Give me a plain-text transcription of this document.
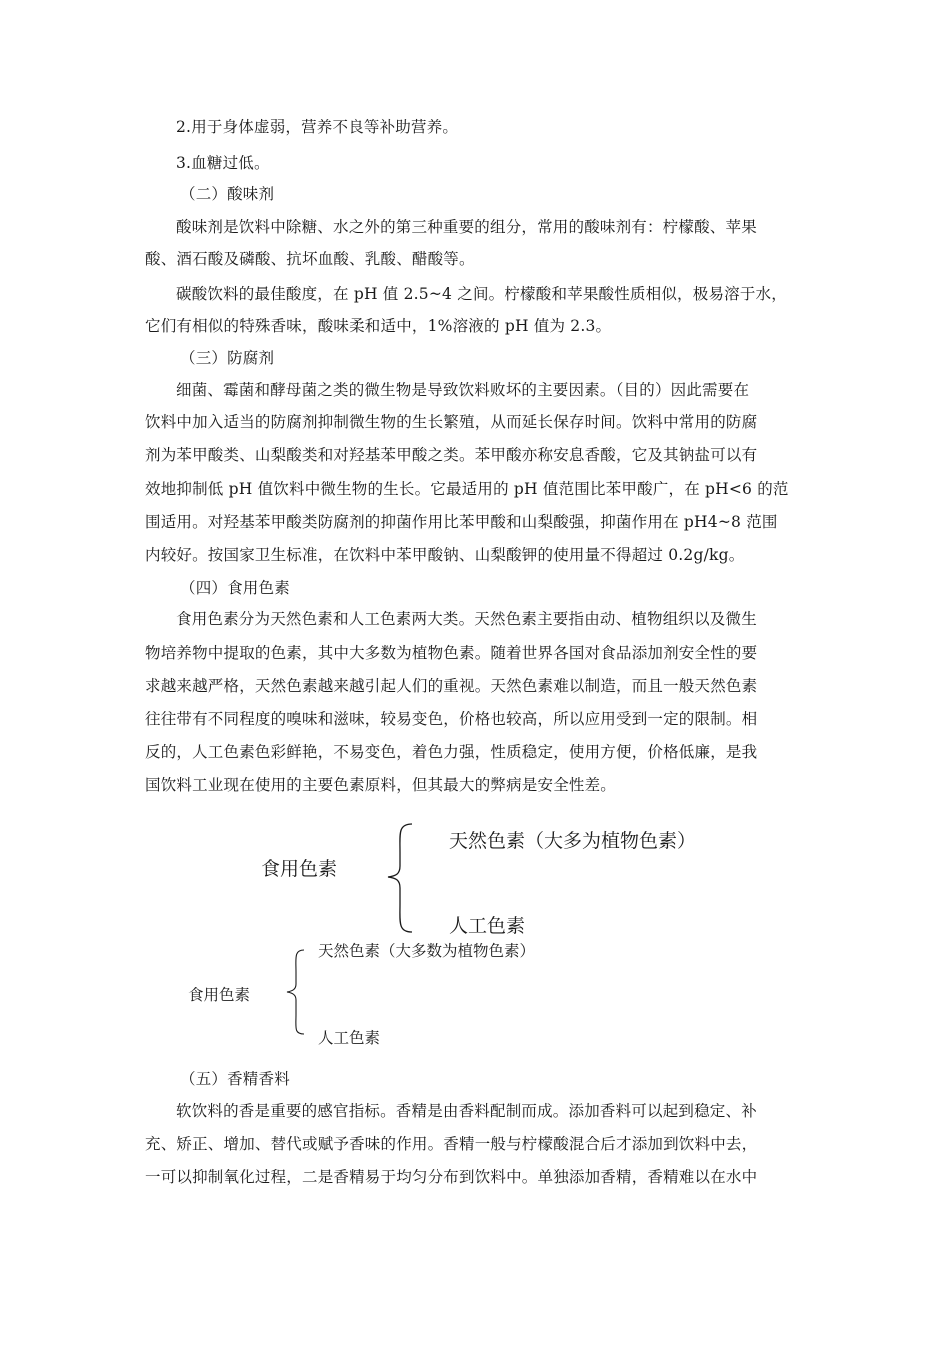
2.用于身体虚弱，营养不良等补助营养。
3.血糖过低。
（二）酸味剂
酸味剂是饮料中除糖、水之外的第三种重要的组分，常用的酸味剂有：柠檬酸、苹果
酸、酒石酸及磷酸、抗坏血酸、乳酸、醋酸等。
碳酸饮料的最佳酸度，在 pH 值 2.5~4 之间。柠檬酸和苹果酸性质相似，极易溶于水，
它们有相似的特殊香味，酸味柔和适中，1%溶液的 pH 值为 2.3。
（三）防腐剂
细菌、霉菌和酵母菌之类的微生物是导致饮料败坏的主要因素。（目的）因此需要在
饮料中加入适当的防腐剂抑制微生物的生长繁殖，从而延长保存时间。饮料中常用的防腐
剂为苯甲酸类、山梨酸类和对羟基苯甲酸之类。苯甲酸亦称安息香酸，它及其钠盐可以有
效地抑制低 pH 值饮料中微生物的生长。它最适用的 pH 值范围比苯甲酸广，在 pH<6 的范
围适用。对羟基苯甲酸类防腐剂的抑菌作用比苯甲酸和山梨酸强，抑菌作用在 pH4~8 范围
内较好。按国家卫生标准，在饮料中苯甲酸钠、山梨酸钾的使用量不得超过 0.2g/kg。
（四）食用色素
食用色素分为天然色素和人工色素两大类。天然色素主要指由动、植物组织以及微生
物培养物中提取的色素，其中大多数为植物色素。随着世界各国对食品添加剂安全性的要
求越来越严格，天然色素越来越引起人们的重视。天然色素难以制造，而且一般天然色素
往往带有不同程度的嗅味和滋味，较易变色，价格也较高，所以应用受到一定的限制。相
反的，人工色素色彩鲜艳，不易变色，着色力强，性质稳定，使用方便，价格低廉，是我
国饮料工业现在使用的主要色素原料，但其最大的弊病是安全性差。
食用色素
天然色素（大多为植物色素）
人工色素
食用色素
天然色素（大多数为植物色素）
人工色素
（五）香精香料
软饮料的香是重要的感官指标。香精是由香料配制而成。添加香料可以起到稳定、补
充、矫正、增加、替代或赋予香味的作用。香精一般与柠檬酸混合后才添加到饮料中去，
一可以抑制氧化过程，二是香精易于均匀分布到饮料中。单独添加香精，香精难以在水中
